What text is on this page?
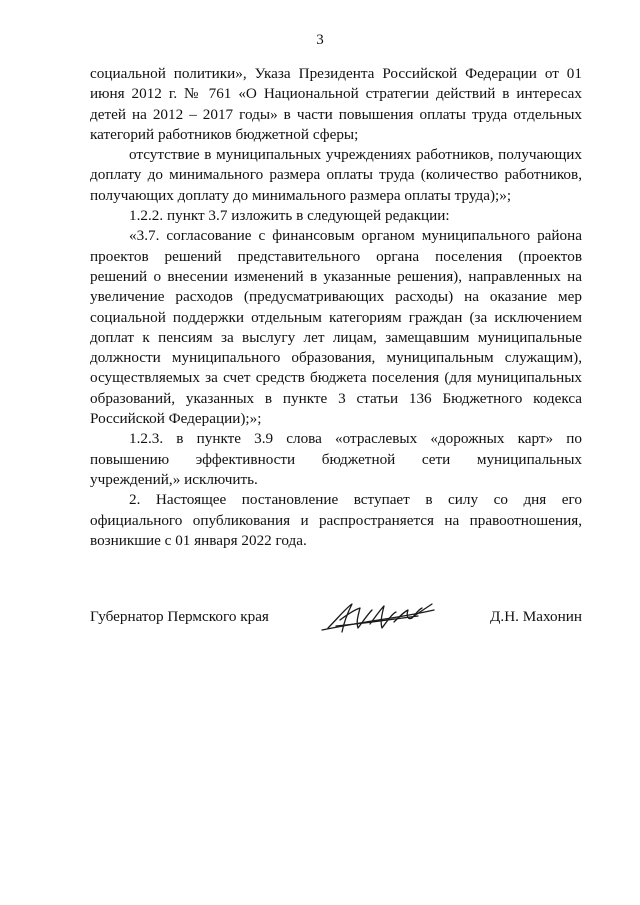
3

социальной политики», Указа Президента Российской Федерации от 01 июня 2012 г. № 761 «О Национальной стратегии действий в интересах детей на 2012 – 2017 годы» в части повышения оплаты труда отдельных категорий работников бюджетной сферы;

отсутствие в муниципальных учреждениях работников, получающих доплату до минимального размера оплаты труда (количество работников, получающих доплату до минимального размера оплаты труда);»;

1.2.2. пункт 3.7 изложить в следующей редакции:

«3.7. согласование с финансовым органом муниципального района проектов решений представительного органа поселения (проектов решений о внесении изменений в указанные решения), направленных на увеличение расходов (предусматривающих расходы) на оказание мер социальной поддержки отдельным категориям граждан (за исключением доплат к пенсиям за выслугу лет лицам, замещавшим муниципальные должности муниципального образования, муниципальным служащим), осуществляемых за счет средств бюджета поселения (для муниципальных образований, указанных в пункте 3 статьи 136 Бюджетного кодекса Российской Федерации);»;

1.2.3. в пункте 3.9 слова «отраслевых «дорожных карт» по повышению эффективности бюджетной сети муниципальных учреждений,» исключить.

2. Настоящее постановление вступает в силу со дня его официального опубликования и распространяется на правоотношения, возникшие с 01 января 2022 года.

Губернатор Пермского края	Д.Н. Махонин
